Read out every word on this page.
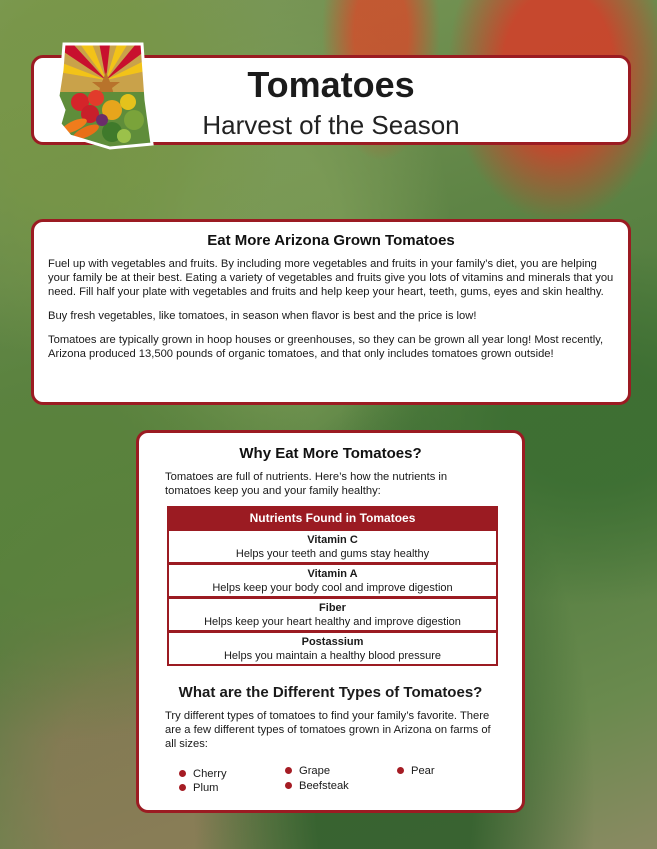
Tomatoes
Harvest of the Season
Eat More Arizona Grown Tomatoes

Fuel up with vegetables and fruits. By including more vegetables and fruits in your family’s diet, you are helping your family be at their best. Eating a variety of vegetables and fruits give you lots of vitamins and minerals that you need. Fill half your plate with vegetables and fruits and help keep your heart, teeth, gums, eyes and skin healthy.

Buy fresh vegetables, like tomatoes, in season when flavor is best and the price is low!

Tomatoes are typically grown in hoop houses or greenhouses, so they can be grown all year long! Most recently, Arizona produced 13,500 pounds of organic tomatoes, and that only includes tomatoes grown outside!

Why Eat More Tomatoes?

Tomatoes are full of nutrients. Here’s how the nutrients in tomatoes keep you and your family healthy:

Nutrients Found in Tomatoes
Vitamin C
Helps your teeth and gums stay healthy
Vitamin A
Helps keep your body cool and improve digestion
Fiber
Helps keep your heart healthy and improve digestion
Postassium
Helps you maintain a healthy blood pressure
What are the Different Types of Tomatoes?

Try different types of tomatoes to find your family’s favorite. There are a few different types of tomatoes grown in Arizona on farms of all sizes:

Cherry
Plum
Grape
Beefsteak
Pear
